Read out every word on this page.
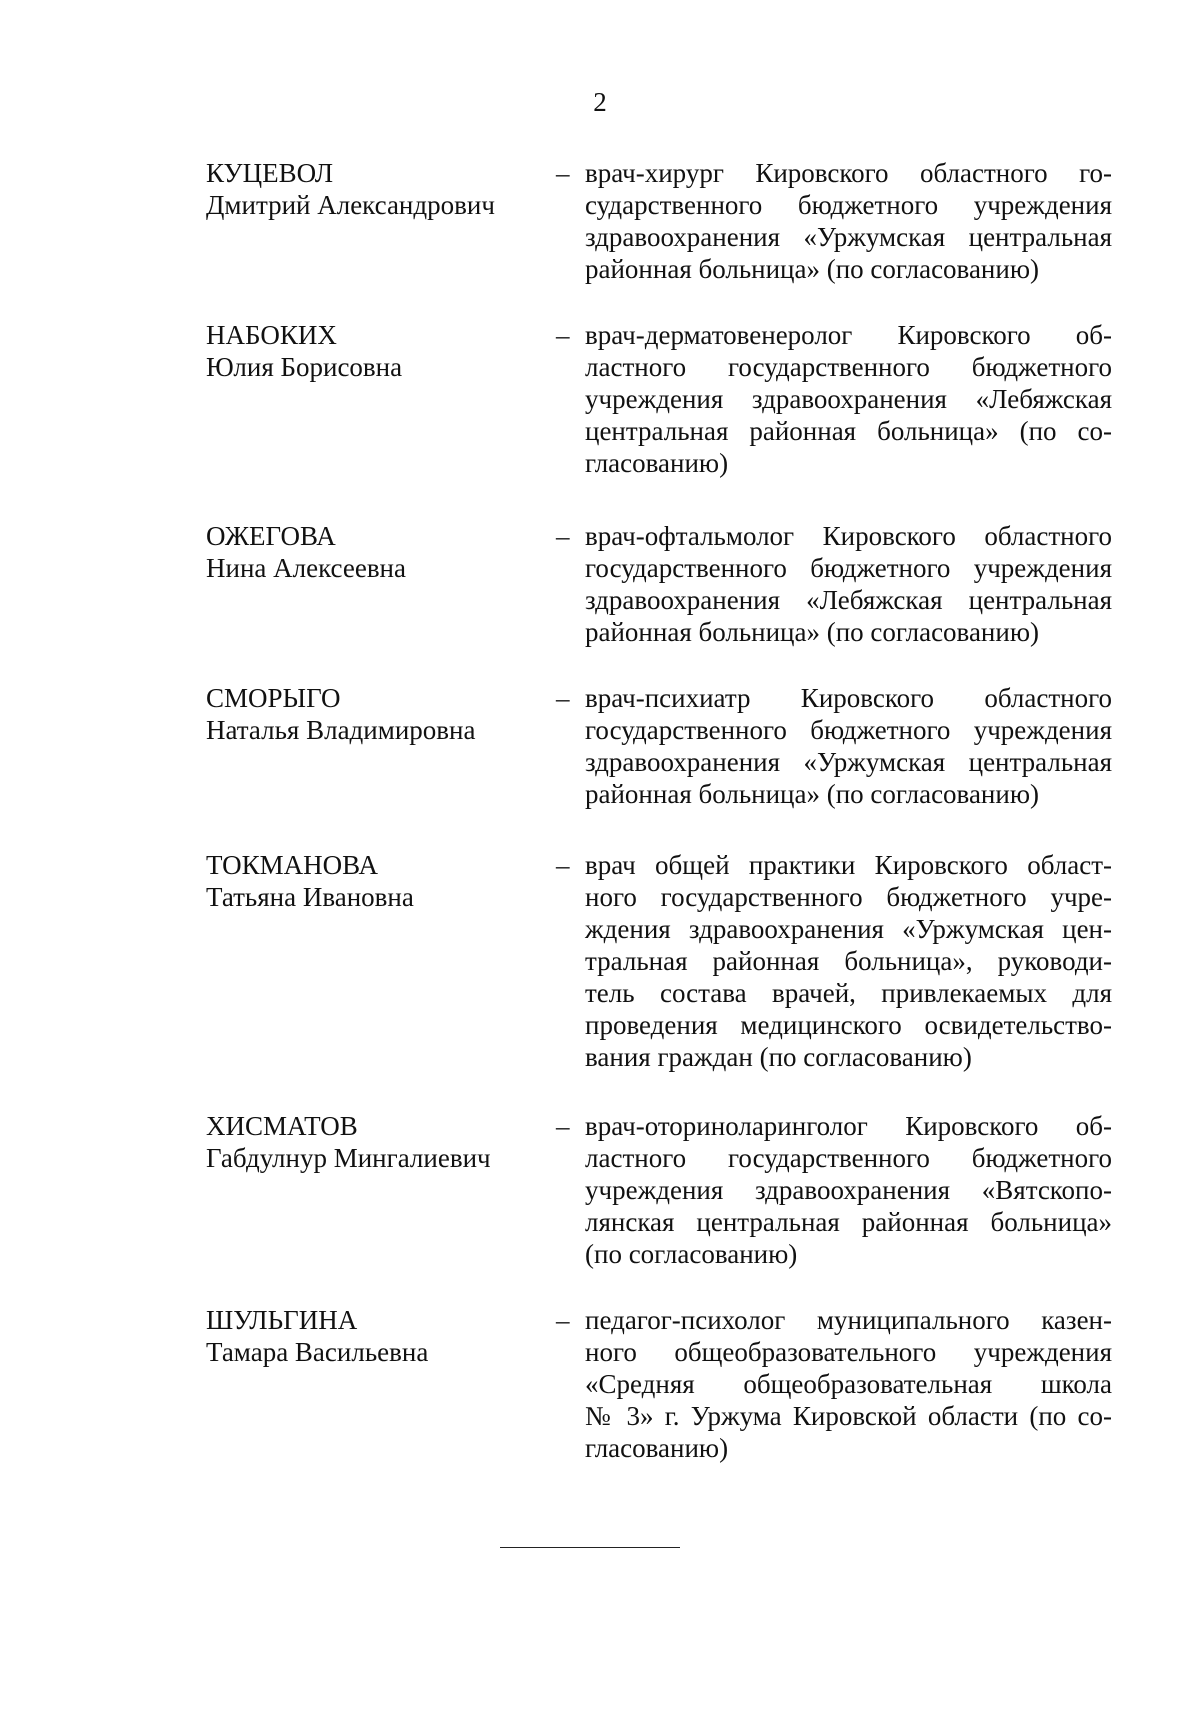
2
КУЦЕВОЛ
Дмитрий Александрович
– врач-хирург Кировского областного го-
сударственного бюджетного учреждения
здравоохранения «Уржумская центральная
районная больница» (по согласованию)
НАБОКИХ
Юлия Борисовна
– врач-дерматовенеролог Кировского об-
ластного государственного бюджетного
учреждения здравоохранения «Лебяжская
центральная районная больница» (по со-
гласованию)
ОЖЕГОВА
Нина Алексеевна
– врач-офтальмолог Кировского областного
государственного бюджетного учреждения
здравоохранения «Лебяжская центральная
районная больница» (по согласованию)
СМОРЫГО
Наталья Владимировна
– врач-психиатр Кировского областного
государственного бюджетного учреждения
здравоохранения «Уржумская центральная
районная больница» (по согласованию)
ТОКМАНОВА
Татьяна Ивановна
– врач общей практики Кировского област-
ного государственного бюджетного учре-
ждения здравоохранения «Уржумская цен-
тральная районная больница», руководи-
тель состава врачей, привлекаемых для
проведения медицинского освидетельство-
вания граждан (по согласованию)
ХИСМАТОВ
Габдулнур Мингалиевич
– врач-оториноларинголог Кировского об-
ластного государственного бюджетного
учреждения здравоохранения «Вятскопо-
лянская центральная районная больница»
(по согласованию)
ШУЛЬГИНА
Тамара Васильевна
– педагог-психолог муниципального казен-
ного общеобразовательного учреждения
«Средняя общеобразовательная школа
№ 3» г. Уржума Кировской области (по со-
гласованию)
